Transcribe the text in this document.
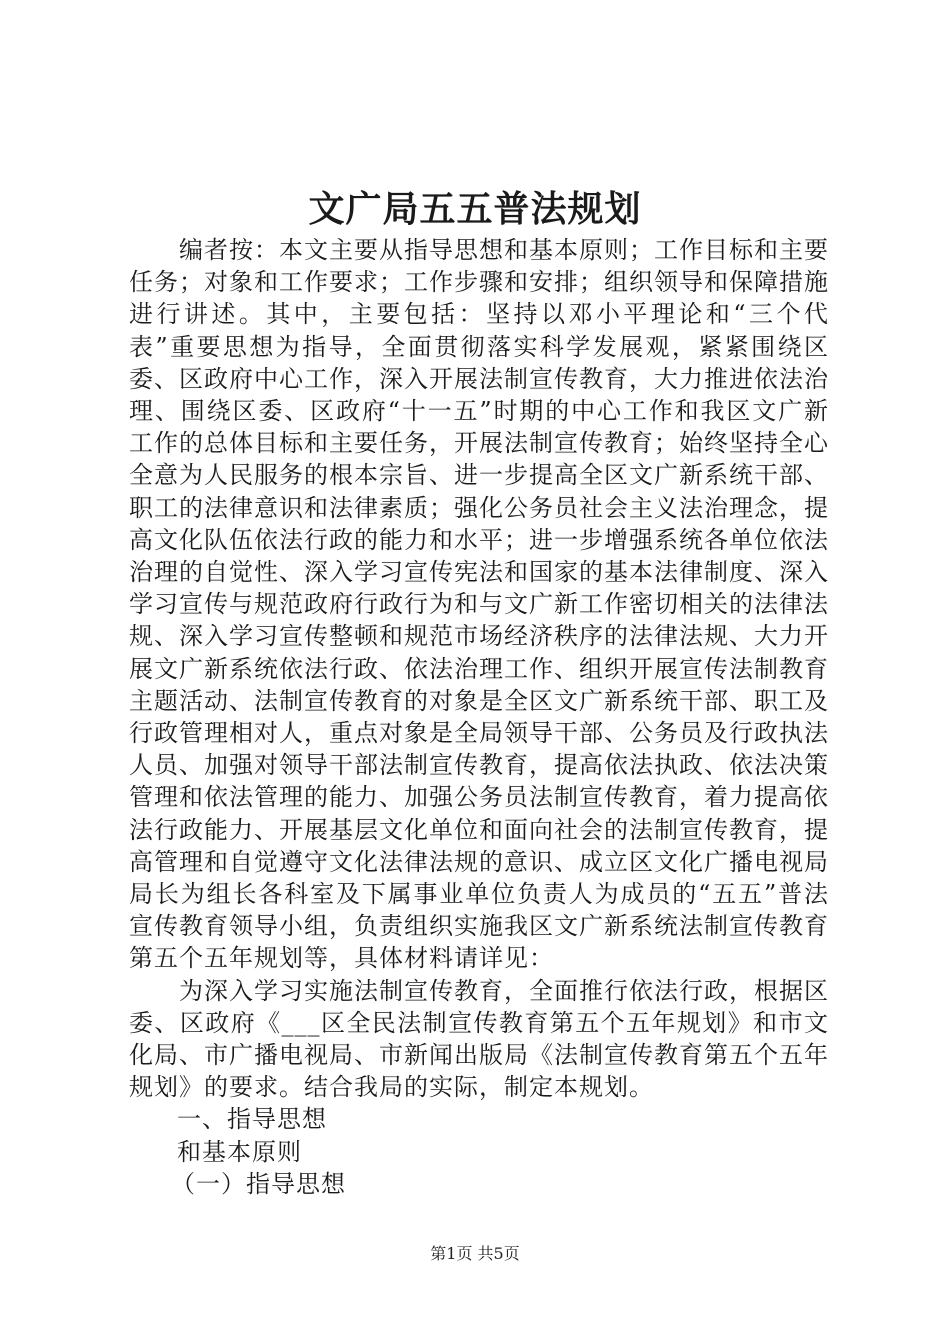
文广局五五普法规划

编者按：本文主要从指导思想和基本原则；工作目标和主要任务；对象和工作要求；工作步骤和安排；组织领导和保障措施进行讲述。其中，主要包括：坚持以邓小平理论和“三个代表”重要思想为指导，全面贯彻落实科学发展观，紧紧围绕区委、区政府中心工作，深入开展法制宣传教育，大力推进依法治理、围绕区委、区政府“十一五”时期的中心工作和我区文广新工作的总体目标和主要任务，开展法制宣传教育；始终坚持全心全意为人民服务的根本宗旨、进一步提高全区文广新系统干部、职工的法律意识和法律素质；强化公务员社会主义法治理念，提高文化队伍依法行政的能力和水平；进一步增强系统各单位依法治理的自觉性、深入学习宣传宪法和国家的基本法律制度、深入学习宣传与规范政府行政行为和与文广新工作密切相关的法律法规、深入学习宣传整顿和规范市场经济秩序的法律法规、大力开展文广新系统依法行政、依法治理工作、组织开展宣传法制教育主题活动、法制宣传教育的对象是全区文广新系统干部、职工及行政管理相对人，重点对象是全局领导干部、公务员及行政执法人员、加强对领导干部法制宣传教育，提高依法执政、依法决策管理和依法管理的能力、加强公务员法制宣传教育，着力提高依法行政能力、开展基层文化单位和面向社会的法制宣传教育，提高管理和自觉遵守文化法律法规的意识、成立区文化广播电视局局长为组长各科室及下属事业单位负责人为成员的“五五”普法宣传教育领导小组，负责组织实施我区文广新系统法制宣传教育第五个五年规划等，具体材料请详见：

为深入学习实施法制宣传教育，全面推行依法行政，根据区委、区政府《___区全民法制宣传教育第五个五年规划》和市文化局、市广播电视局、市新闻出版局《法制宣传教育第五个五年规划》的要求。结合我局的实际，制定本规划。

一、指导思想

和基本原则

（一）指导思想

第1页 共5页
